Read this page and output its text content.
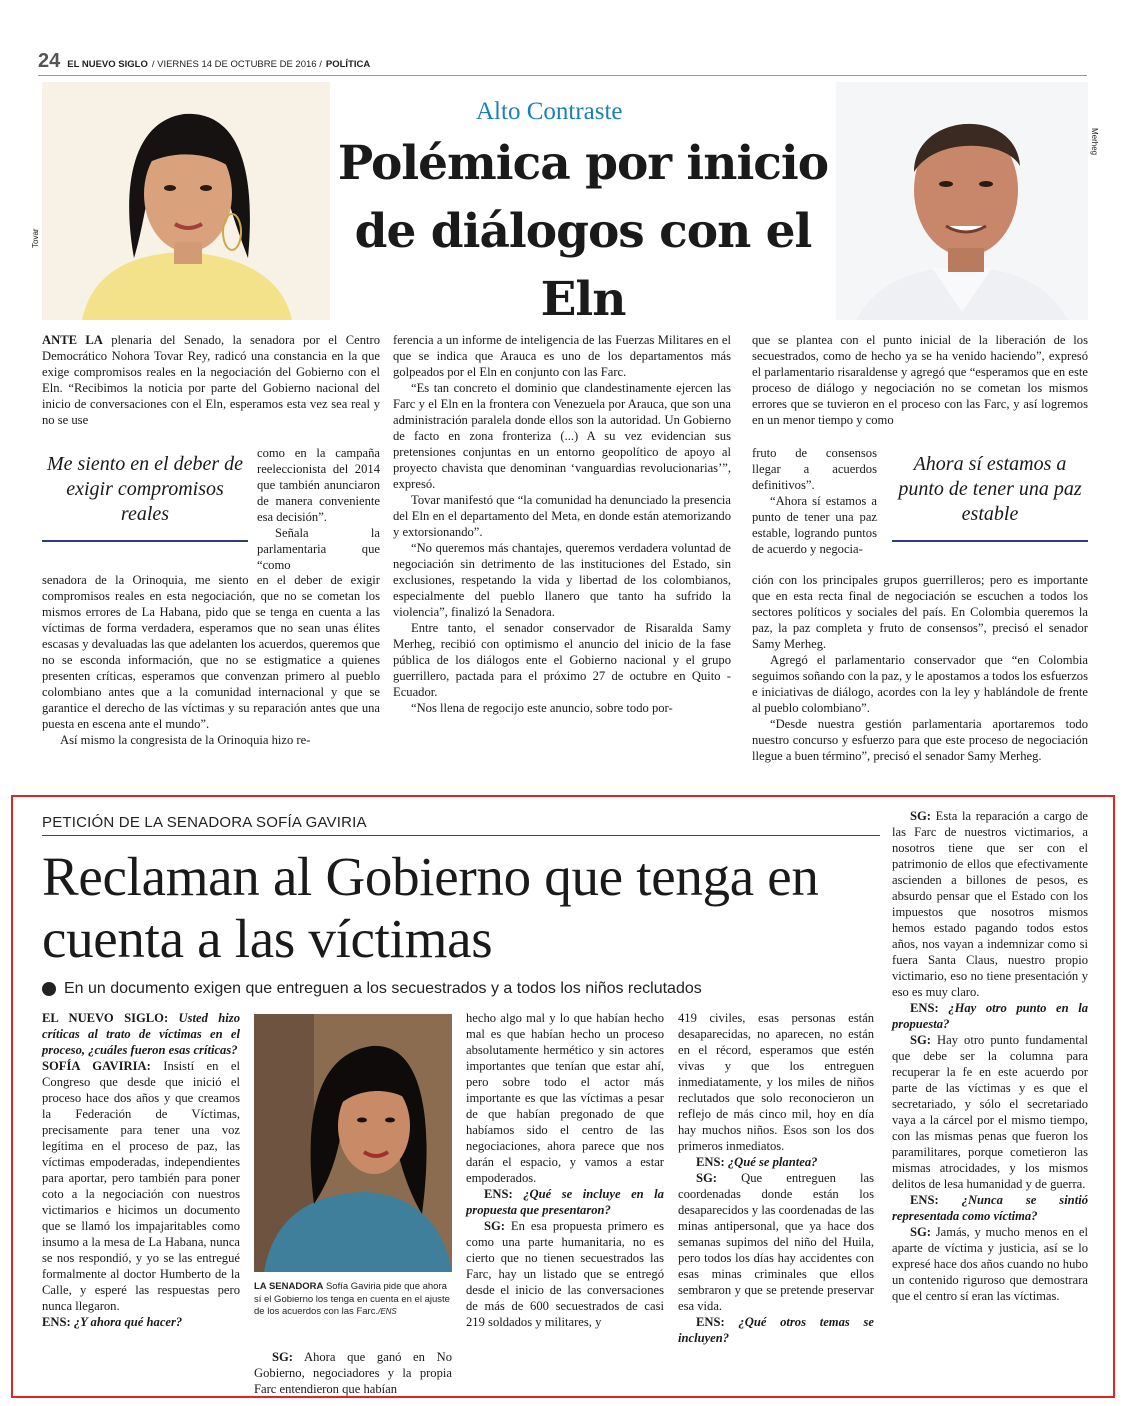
24 EL NUEVO SIGLO / VIERNES 14 DE OCTUBRE DE 2016 / POLÍTICA
Tovar
Merheg
Alto Contraste
Polémica por inicio de diálogos con el Eln

ANTE LA plenaria del Senado, la senadora por el Centro Democrático Nohora Tovar Rey, radicó una constancia en la que exige compromisos reales en la negociación del Gobierno con el Eln. “Recibimos la noticia por parte del Gobierno nacional del inicio de conversaciones con el Eln, esperamos esta vez sea real y no se use

como en la campaña reeleccionista del 2014 que también anunciaron de manera conveniente esa decisión”.

Señala la parlamentaria que “como

Me siento en el deber de exigir compromisos reales

senadora de la Orinoquia, me siento en el deber de exigir compromisos reales en esta negociación, que no se cometan los mismos errores de La Habana, pido que se tenga en cuenta a las víctimas de forma verdadera, esperamos que no sean unas élites escasas y devaluadas las que adelanten los acuerdos, queremos que no se esconda información, que no se estigmatice a quienes presenten críticas, esperamos que convenzan primero al pueblo colombiano antes que a la comunidad internacional y que se garantice el derecho de las víctimas y su reparación antes que una puesta en escena ante el mundo”.

Así mismo la congresista de la Orinoquia hizo re-

ferencia a un informe de inteligencia de las Fuerzas Militares en el que se indica que Arauca es uno de los departamentos más golpeados por el Eln en conjunto con las Farc.

“Es tan concreto el dominio que clandestinamente ejercen las Farc y el Eln en la frontera con Venezuela por Arauca, que son una administración paralela donde ellos son la autoridad. Un Gobierno de facto en zona fronteriza (...) A su vez evidencian sus pretensiones conjuntas en un entorno geopolítico de apoyo al proyecto chavista que denominan ‘vanguardias revolucionarias’”, expresó.

Tovar manifestó que “la comunidad ha denunciado la presencia del Eln en el departamento del Meta, en donde están atemorizando y extorsionando”.

“No queremos más chantajes, queremos verdadera voluntad de negociación sin detrimento de las instituciones del Estado, sin exclusiones, respetando la vida y libertad de los colombianos, especialmente del pueblo llanero que tanto ha sufrido la violencia”, finalizó la Senadora.

Entre tanto, el senador conservador de Risaralda Samy Merheg, recibió con optimismo el anuncio del inicio de la fase pública de los diálogos ente el Gobierno nacional y el grupo guerrillero, pactada para el próximo 27 de octubre en Quito - Ecuador.

“Nos llena de regocijo este anuncio, sobre todo por-

que se plantea con el punto inicial de la liberación de los secuestrados, como de hecho ya se ha venido haciendo”, expresó el parlamentario risaraldense y agregó que “esperamos que en este proceso de diálogo y negociación no se cometan los mismos errores que se tuvieron en el proceso con las Farc, y así logremos en un menor tiempo y como

fruto de consensos llegar a acuerdos definitivos”.

“Ahora sí estamos a punto de tener una paz estable, logrando puntos de acuerdo y negocia-

Ahora sí estamos a punto de tener una paz estable

ción con los principales grupos guerrilleros; pero es importante que en esta recta final de negociación se escuchen a todos los sectores políticos y sociales del país. En Colombia queremos la paz, la paz completa y fruto de consensos”, precisó el senador Samy Merheg.

Agregó el parlamentario conservador que “en Colombia seguimos soñando con la paz, y le apostamos a todos los esfuerzos e iniciativas de diálogo, acordes con la ley y hablándole de frente al pueblo colombiano”.

“Desde nuestra gestión parlamentaria aportaremos todo nuestro concurso y esfuerzo para que este proceso de negociación llegue a buen término”, precisó el senador Samy Merheg.

PETICIÓN DE LA SENADORA SOFÍA GAVIRIA
Reclaman al Gobierno que tenga en cuenta a las víctimas
En un documento exigen que entreguen a los secuestrados y a todos los niños reclutados

EL NUEVO SIGLO: Usted hizo críticas al trato de víctimas en el proceso, ¿cuáles fueron esas críticas?

SOFÍA GAVIRIA: Insistí en el Congreso que desde que inició el proceso hace dos años y que creamos la Federación de Víctimas, precisamente para tener una voz legítima en el proceso de paz, las víctimas empoderadas, independientes para aportar, pero también para poner coto a la negociación con nuestros victimarios e hicimos un documento que se llamó los impajaritables como insumo a la mesa de La Habana, nunca se nos respondió, y yo se las entregué formalmente al doctor Humberto de la Calle, y esperé las respuestas pero nunca llegaron.

ENS: ¿Y ahora qué hacer?

LA SENADORA Sofía Gaviria pide que ahora sí el Gobierno los tenga en cuenta en el ajuste de los acuerdos con las Farc./ENS

SG: Ahora que ganó en No Gobierno, negociadores y la propia Farc entendieron que habían

hecho algo mal y lo que habían hecho mal es que habían hecho un proceso absolutamente hermético y sin actores importantes que tenían que estar ahí, pero sobre todo el actor más importante es que las víctimas a pesar de que habían pregonado de que habíamos sido el centro de las negociaciones, ahora parece que nos darán el espacio, y vamos a estar empoderados.

ENS: ¿Qué se incluye en la propuesta que presentaron?

SG: En esa propuesta primero es como una parte humanitaria, no es cierto que no tienen secuestrados las Farc, hay un listado que se entregó desde el inicio de las conversaciones de más de 600 secuestrados de casi 219 soldados y militares, y

419 civiles, esas personas están desaparecidas, no aparecen, no están en el récord, esperamos que estén vivas y que los entreguen inmediatamente, y los miles de niños reclutados que solo reconocieron un reflejo de más cinco mil, hoy en día hay muchos niños. Esos son los dos primeros inmediatos.

ENS: ¿Qué se plantea?

SG: Que entreguen las coordenadas donde están los desaparecidos y las coordenadas de las minas antipersonal, que ya hace dos semanas supimos del niño del Huila, pero todos los días hay accidentes con esas minas criminales que ellos sembraron y que se pretende preservar esa vida.

ENS: ¿Qué otros temas se incluyen?

SG: Esta la reparación a cargo de las Farc de nuestros victimarios, a nosotros tiene que ser con el patrimonio de ellos que efectivamente ascienden a billones de pesos, es absurdo pensar que el Estado con los impuestos que nosotros mismos hemos estado pagando todos estos años, nos vayan a indemnizar como si fuera Santa Claus, nuestro propio victimario, eso no tiene presentación y eso es muy claro.

ENS: ¿Hay otro punto en la propuesta?

SG: Hay otro punto fundamental que debe ser la columna para recuperar la fe en este acuerdo por parte de las víctimas y es que el secretariado, y sólo el secretariado vaya a la cárcel por el mismo tiempo, con las mismas penas que fueron los paramilitares, porque cometieron las mismas atrocidades, y los mismos delitos de lesa humanidad y de guerra.

ENS: ¿Nunca se sintió representada como víctima?

SG: Jamás, y mucho menos en el aparte de víctima y justicia, así se lo expresé hace dos años cuando no hubo un contenido riguroso que demostrara que el centro sí eran las víctimas.
